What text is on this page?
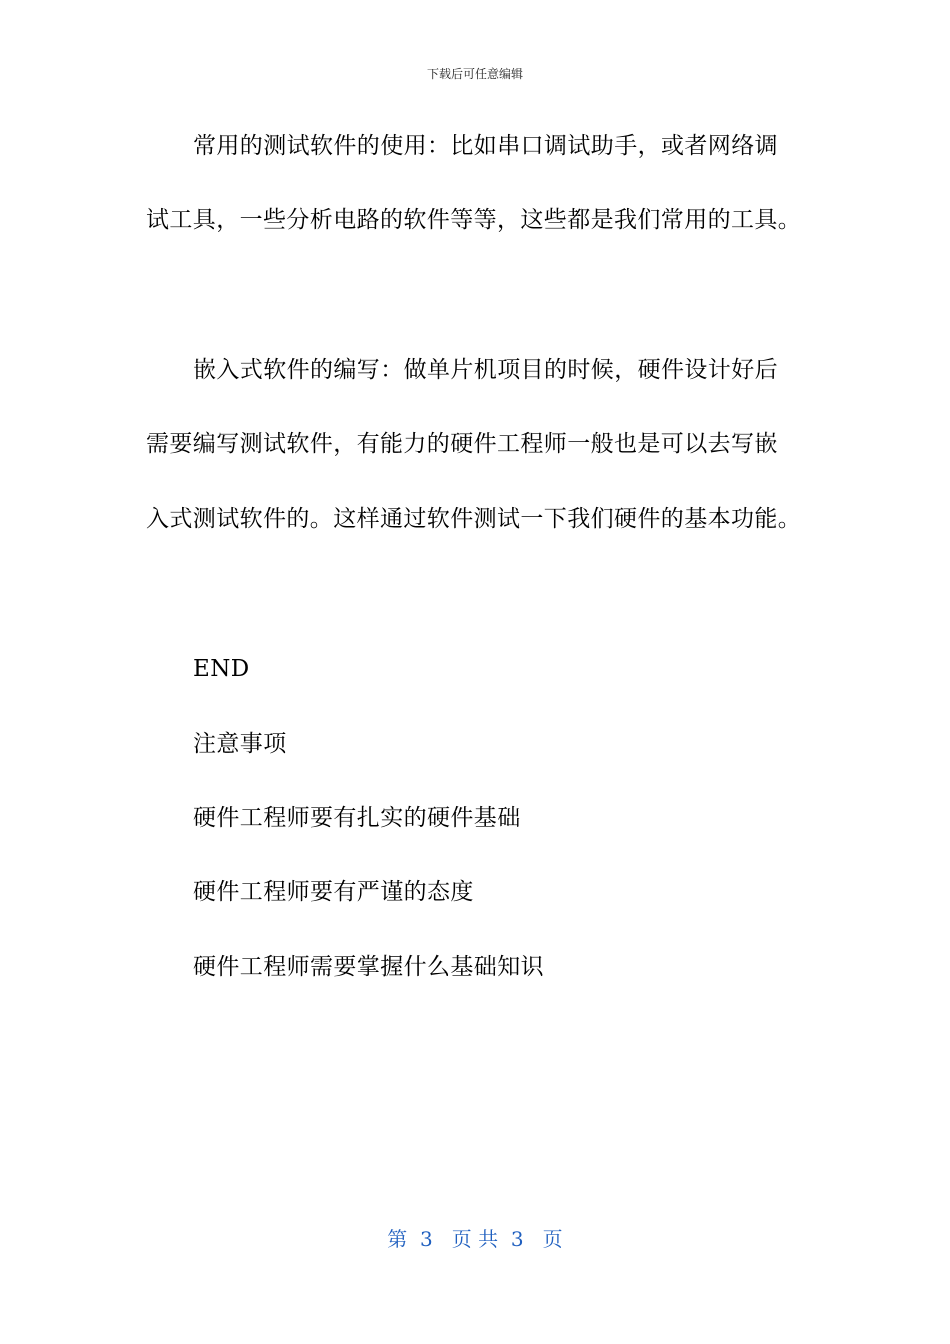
下载后可任意编辑
常用的测试软件的使用：比如串口调试助手，或者网络调
试工具，一些分析电路的软件等等，这些都是我们常用的工具。
嵌入式软件的编写：做单片机项目的时候，硬件设计好后
需要编写测试软件，有能力的硬件工程师一般也是可以去写嵌
入式测试软件的。这样通过软件测试一下我们硬件的基本功能。
END
注意事项
硬件工程师要有扎实的硬件基础
硬件工程师要有严谨的态度
硬件工程师需要掌握什么基础知识
第  3   页 共  3   页
